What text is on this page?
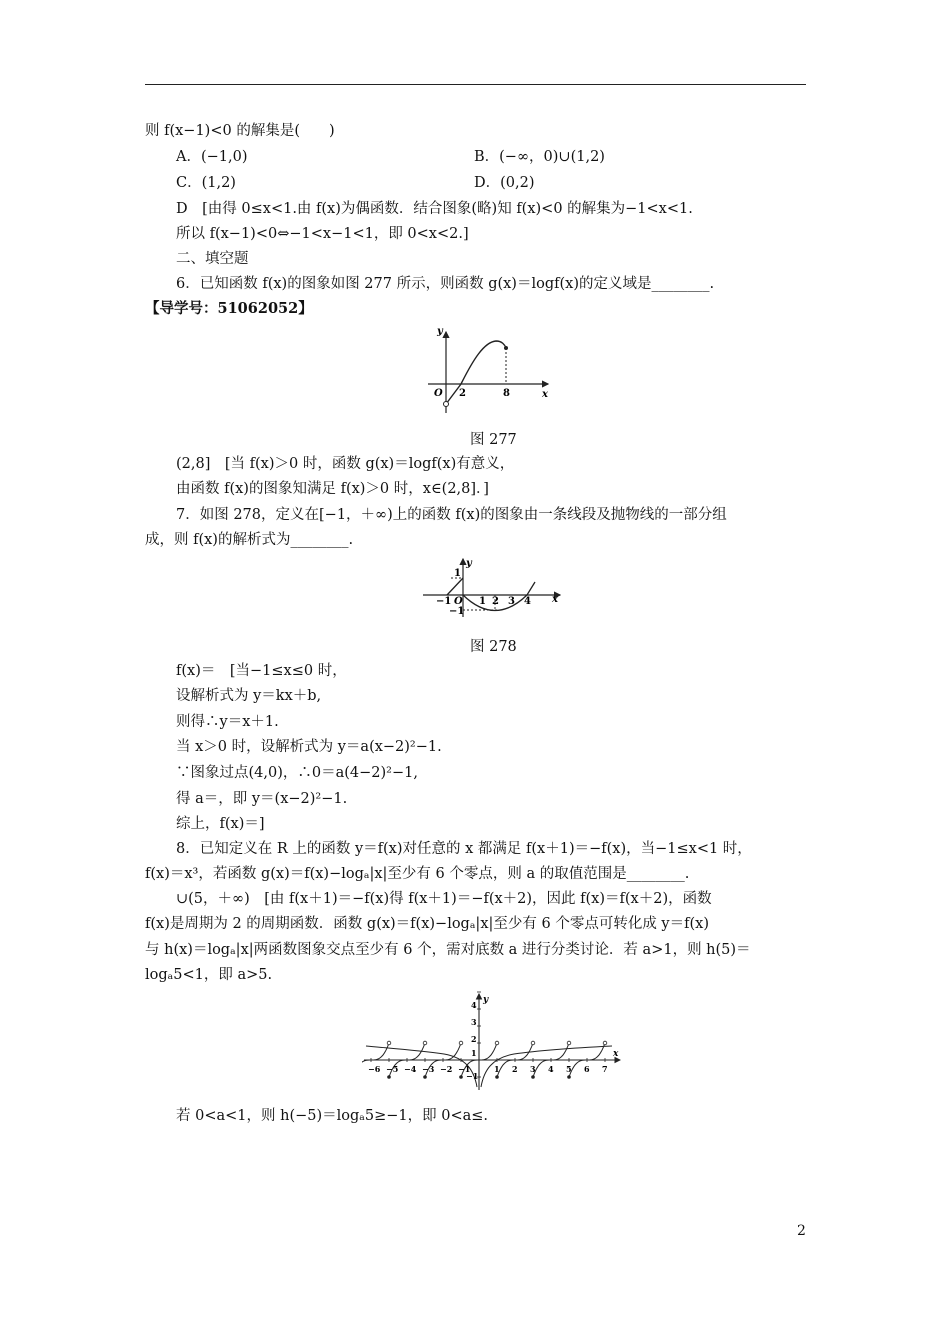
则 f(x−1)<0 的解集是(　　)
A．(−1,0)	B．(−∞，0)∪(1,2)
C．(1,2)	D．(0,2)
D　[由得 0≤x<1.由 f(x)为偶函数．结合图象(略)知 f(x)<0 的解集为−1<x<1.
所以 f(x−1)<0⇔−1<x−1<1，即 0<x<2.]
二、填空题
6．已知函数 f(x)的图象如图 277 所示，则函数 g(x)＝logf(x)的定义域是________.
【导学号：51062052】
y
O 2	8	x
图 277
(2,8]　[当 f(x)＞0 时，函数 g(x)＝logf(x)有意义，
由函数 f(x)的图象知满足 f(x)＞0 时，x∈(2,8]．]
7．如图 278，定义在[−1，＋∞)上的函数 f(x)的图象由一条线段及抛物线的一部分组
成，则 f(x)的解析式为________.
y
1
−1 O
−1
1 2 3 4 x
图 278
f(x)＝　[当−1≤x≤0 时，
设解析式为 y＝kx＋b,
则得∴y＝x＋1.
当 x＞0 时，设解析式为 y＝a(x−2)²−1.
∵图象过点(4,0)，∴0＝a(4−2)²−1,
得 a＝，即 y＝(x−2)²−1.
综上，f(x)＝]
8．已知定义在 R 上的函数 y＝f(x)对任意的 x 都满足 f(x＋1)＝−f(x)，当−1≤x<1 时，
f(x)＝x³，若函数 g(x)＝f(x)−logₐ|x|至少有 6 个零点，则 a 的取值范围是________.
∪(5，＋∞)　[由 f(x＋1)＝−f(x)得 f(x＋1)＝−f(x＋2)，因此 f(x)＝f(x＋2)，函数
f(x)是周期为 2 的周期函数．函数 g(x)＝f(x)−logₐ|x|至少有 6 个零点可转化成 y＝f(x)
与 h(x)＝logₐ|x|两函数图象交点至少有 6 个，需对底数 a 进行分类讨论．若 a>1，则 h(5)＝
logₐ5<1，即 a>5.
y
x
4
3
2
1
−1
−6 −5 −4 −3 −2 −1	1 2 3 4 5 6 7
若 0<a<1，则 h(−5)＝logₐ5≥−1，即 0<a≤.
2
